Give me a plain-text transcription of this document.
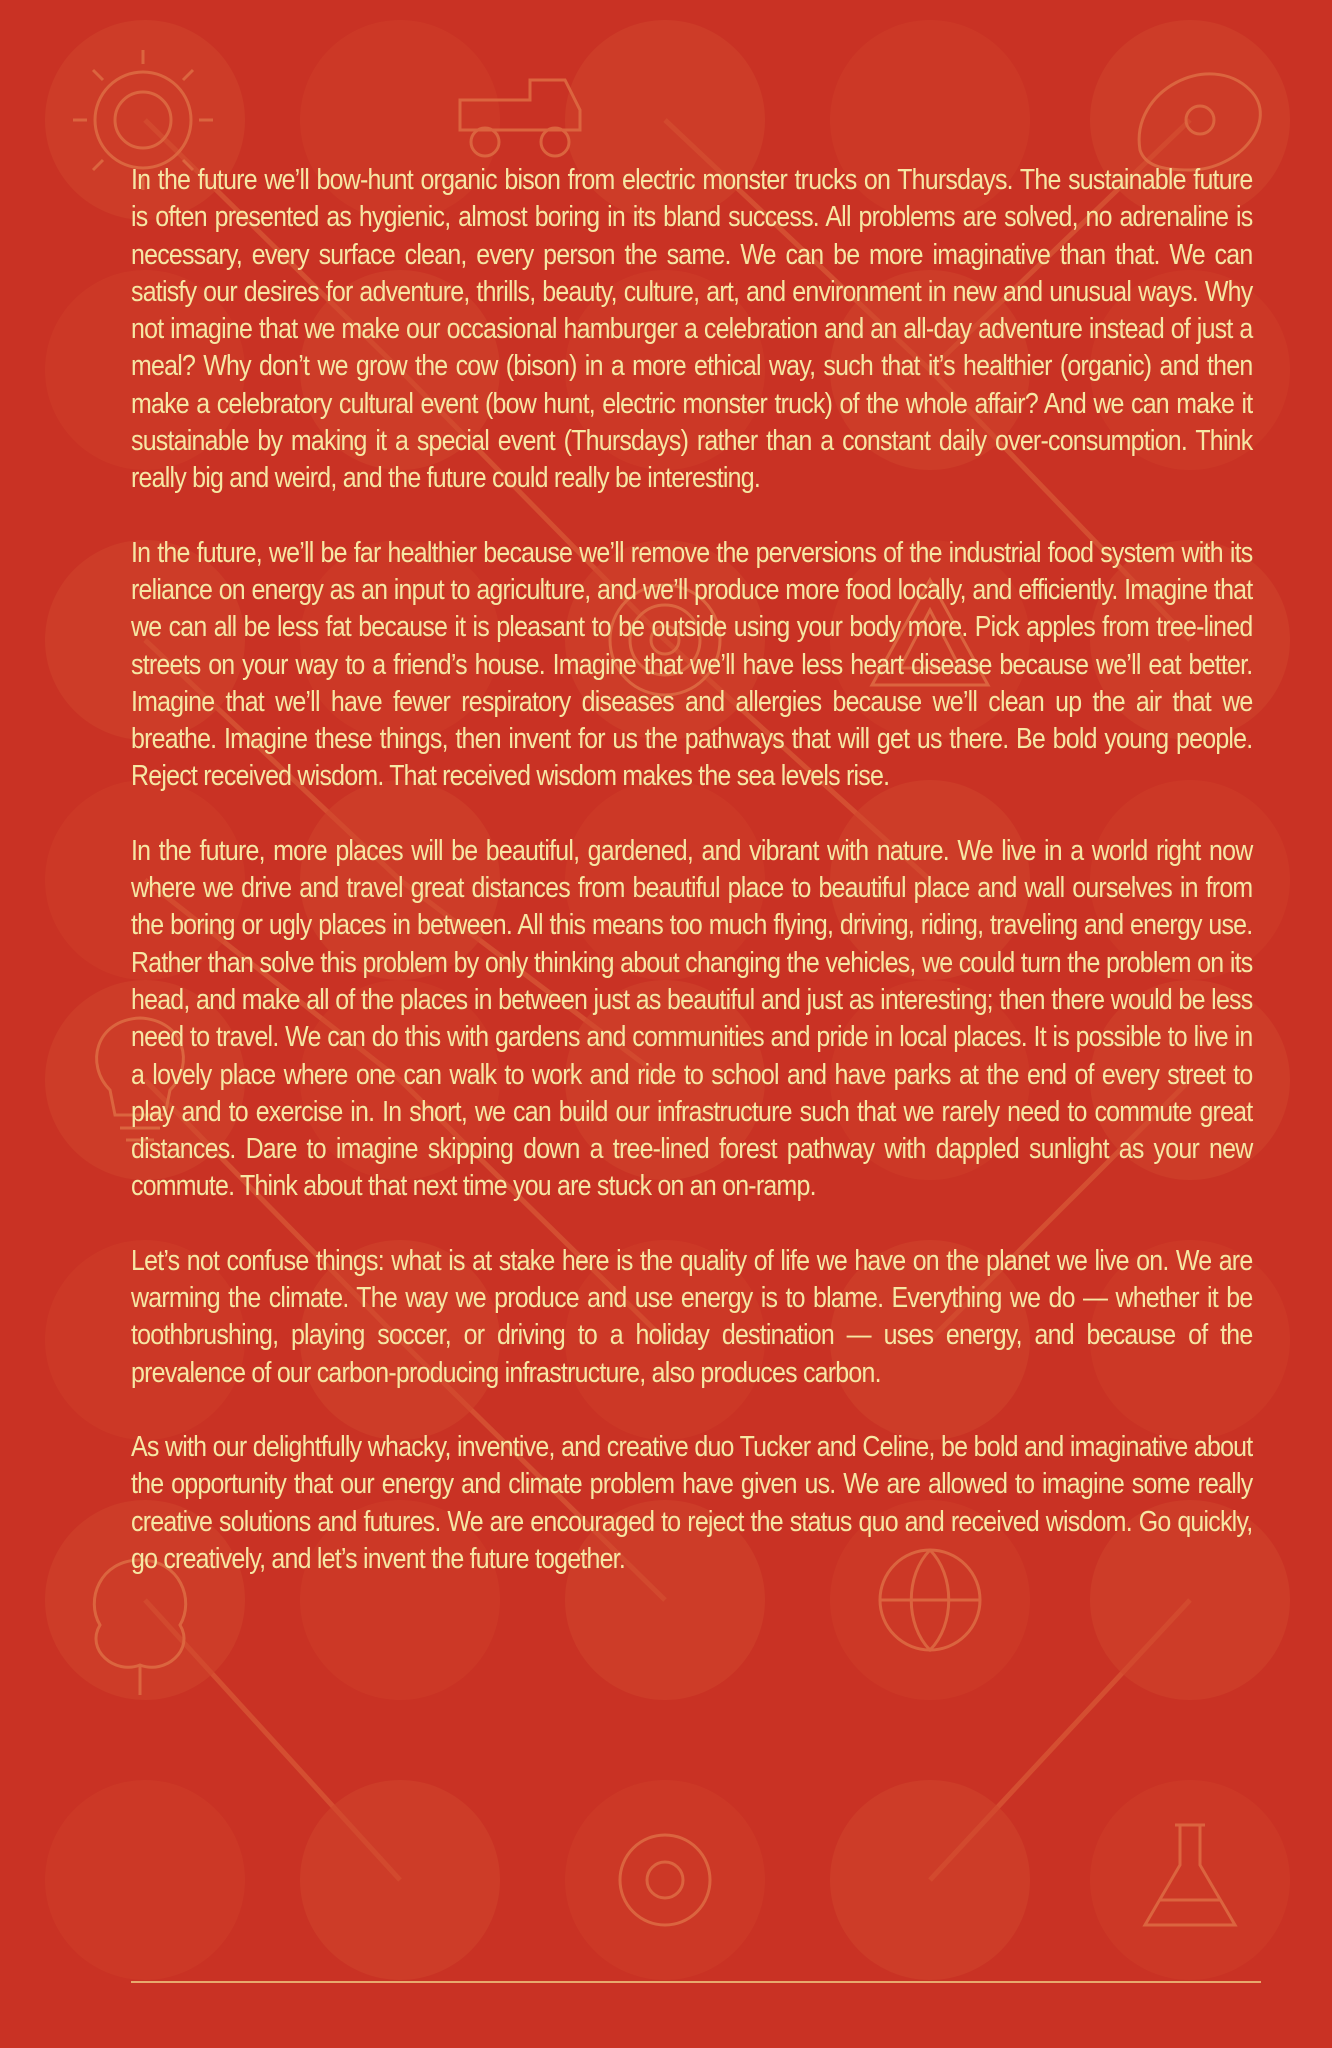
In the future we’ll bow-hunt organic bison from electric monster trucks on Thursdays. The sustainable future is often presented as hygienic, almost boring in its bland success. All problems are solved, no adrenaline is necessary, every surface clean, every person the same. We can be more imaginative than that. We can satisfy our desires for adventure, thrills, beauty, culture, art, and environment in new and unusual ways. Why not imagine that we make our occasional hamburger a celebration and an all-day adventure instead of just a meal? Why don’t we grow the cow (bison) in a more ethical way, such that it’s healthier (organic) and then make a celebratory cultural event (bow hunt, electric monster truck) of the whole affair? And we can make it sustainable by making it a special event (Thursdays) rather than a constant daily over-consumption. Think really big and weird, and the future could really be interesting.

In the future, we’ll be far healthier because we’ll remove the perversions of the industrial food system with its reliance on energy as an input to agriculture, and we’ll produce more food locally, and efficiently. Imagine that we can all be less fat because it is pleasant to be outside using your body more. Pick apples from tree-lined streets on your way to a friend’s house. Imagine that we’ll have less heart disease because we’ll eat better. Imagine that we’ll have fewer respiratory diseases and allergies because we’ll clean up the air that we breathe. Imagine these things, then invent for us the pathways that will get us there. Be bold young people. Reject received wisdom. That received wisdom makes the sea levels rise.

In the future, more places will be beautiful, gardened, and vibrant with nature. We live in a world right now where we drive and travel great distances from beautiful place to beautiful place and wall ourselves in from the boring or ugly places in between. All this means too much flying, driving, riding, traveling and energy use. Rather than solve this problem by only thinking about changing the vehicles, we could turn the problem on its head, and make all of the places in between just as beautiful and just as interesting; then there would be less need to travel. We can do this with gardens and communities and pride in local places. It is possible to live in a lovely place where one can walk to work and ride to school and have parks at the end of every street to play and to exercise in. In short, we can build our infrastructure such that we rarely need to commute great distances. Dare to imagine skipping down a tree-lined forest pathway with dappled sunlight as your new commute. Think about that next time you are stuck on an on-ramp.

Let’s not confuse things: what is at stake here is the quality of life we have on the planet we live on. We are warming the climate. The way we produce and use energy is to blame. Everything we do — whether it be toothbrushing, playing soccer, or driving to a holiday destination — uses energy, and because of the prevalence of our carbon-producing infrastructure, also produces carbon.

As with our delightfully whacky, inventive, and creative duo Tucker and Celine, be bold and imaginative about the opportunity that our energy and climate problem have given us. We are allowed to imagine some really creative solutions and futures. We are encouraged to reject the status quo and received wisdom. Go quickly, go creatively, and let’s invent the future together.
